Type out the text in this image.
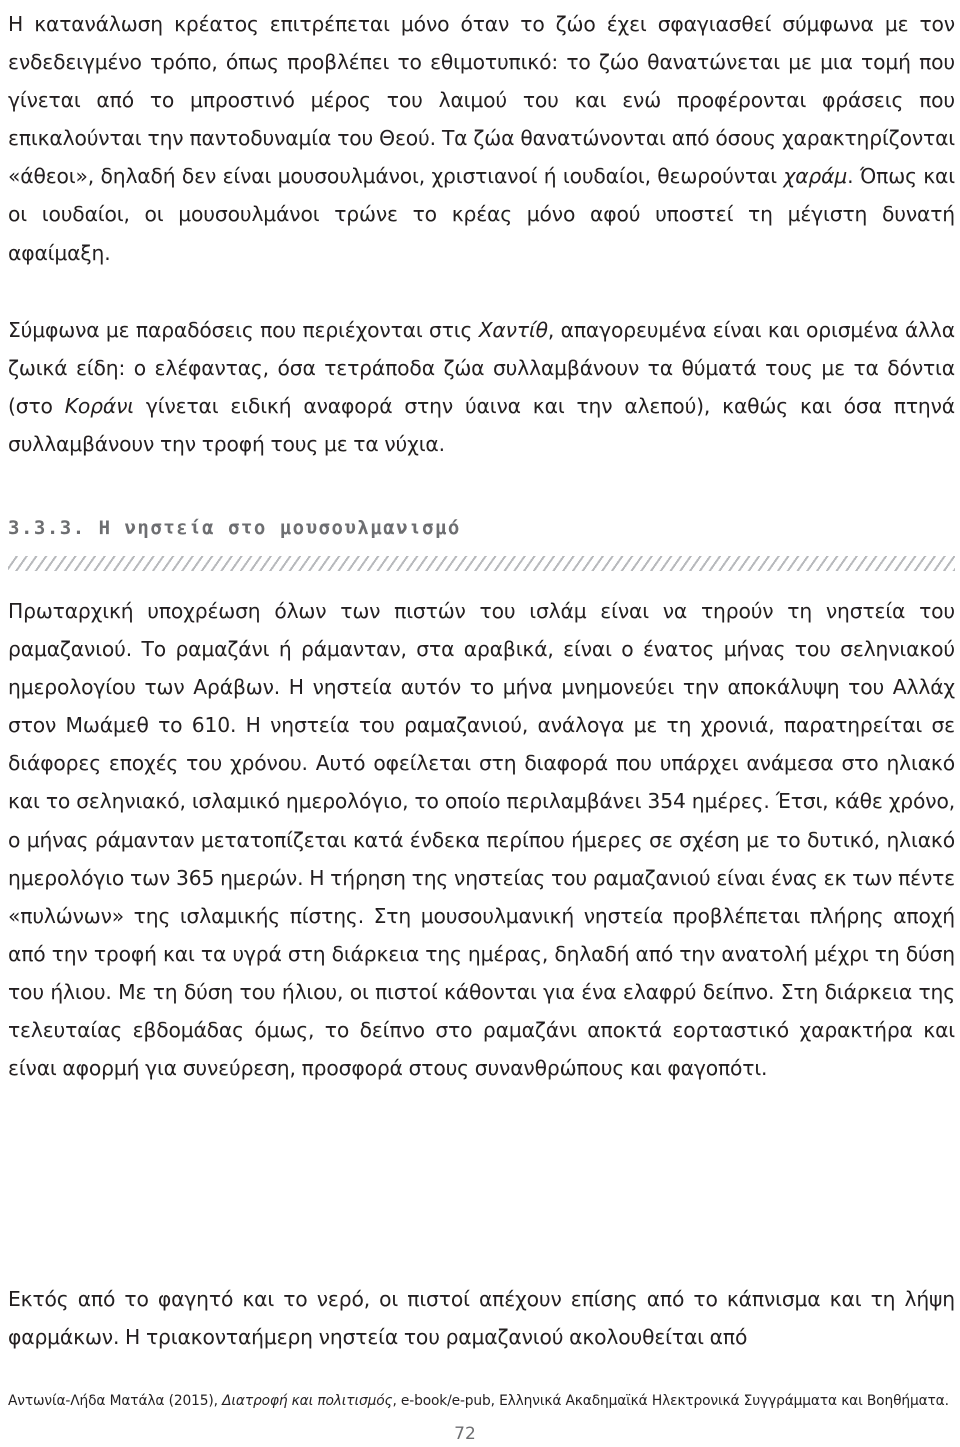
Η κατανάλωση κρέατος επιτρέπεται μόνο όταν το ζώο έχει σφαγιασθεί σύμφωνα με τον ενδεδειγμένο τρόπο, όπως προβλέπει το εθιμοτυπικό: το ζώο θανατώνεται με μια τομή που γίνεται από το μπροστινό μέρος του λαιμού του και ενώ προφέρονται φράσεις που επικαλούνται την παντοδυναμία του Θεού. Τα ζώα θανατώνονται από όσους χαρακτηρίζονται «άθεοι», δηλαδή δεν είναι μουσουλμάνοι, χριστιανοί ή ιουδαίοι, θεωρούνται χαράμ. Όπως και οι ιουδαίοι, οι μουσουλμάνοι τρώνε το κρέας μόνο αφού υποστεί τη μέγιστη δυνατή αφαίμαξη.

Σύμφωνα με παραδόσεις που περιέχονται στις Χαντίθ, απαγορευμένα είναι και ορισμένα άλλα ζωικά είδη: ο ελέφαντας, όσα τετράποδα ζώα συλλαμβάνουν τα θύματά τους με τα δόντια (στο Κοράνι γίνεται ειδική αναφορά στην ύαινα και την αλεπού), καθώς και όσα πτηνά συλλαμβάνουν την τροφή τους με τα νύχια.

3.3.3. Η νηστεία στο μουσουλμανισμό

Πρωταρχική υποχρέωση όλων των πιστών του ισλάμ είναι να τηρούν τη νηστεία του ραμαζανιού. Το ραμαζάνι ή ράμανταν, στα αραβικά, είναι ο ένατος μήνας του σεληνιακού ημερολογίου των Αράβων. Η νηστεία αυτόν το μήνα μνημονεύει την αποκάλυψη του Αλλάχ στον Μωάμεθ το 610. Η νηστεία του ραμαζανιού, ανάλογα με τη χρονιά, παρατηρείται σε διάφορες εποχές του χρόνου. Αυτό οφείλεται στη διαφορά που υπάρχει ανάμεσα στο ηλιακό και το σεληνιακό, ισλαμικό ημερολόγιο, το οποίο περιλαμβάνει 354 ημέρες. Έτσι, κάθε χρόνο, ο μήνας ράμανταν μετατοπίζεται κατά ένδεκα περίπου ήμερες σε σχέση με το δυτικό, ηλιακό ημερολόγιο των 365 ημερών. Η τήρηση της νηστείας του ραμαζανιού είναι ένας εκ των πέντε «πυλώνων» της ισλαμικής πίστης. Στη μουσουλμανική νηστεία προβλέπεται πλήρης αποχή από την τροφή και τα υγρά στη διάρκεια της ημέρας, δηλαδή από την ανατολή μέχρι τη δύση του ήλιου. Με τη δύση του ήλιου, οι πιστοί κάθονται για ένα ελαφρύ δείπνο. Στη διάρκεια της τελευταίας εβδομάδας όμως, το δείπνο στο ραμαζάνι αποκτά εορταστικό χαρακτήρα και είναι αφορμή για συνεύρεση, προσφορά στους συνανθρώπους και φαγοπότι.

Εκτός από το φαγητό και το νερό, οι πιστοί απέχουν επίσης από το κάπνισμα και τη λήψη φαρμάκων. Η τριακονταήμερη νηστεία του ραμαζανιού ακολουθείται από

Αντωνία-Λήδα Ματάλα (2015), Διατροφή και πολιτισμός, e-book/e-pub, Ελληνικά Ακαδημαϊκά Ηλεκτρονικά Συγγράμματα και Βοηθήματα.

72
